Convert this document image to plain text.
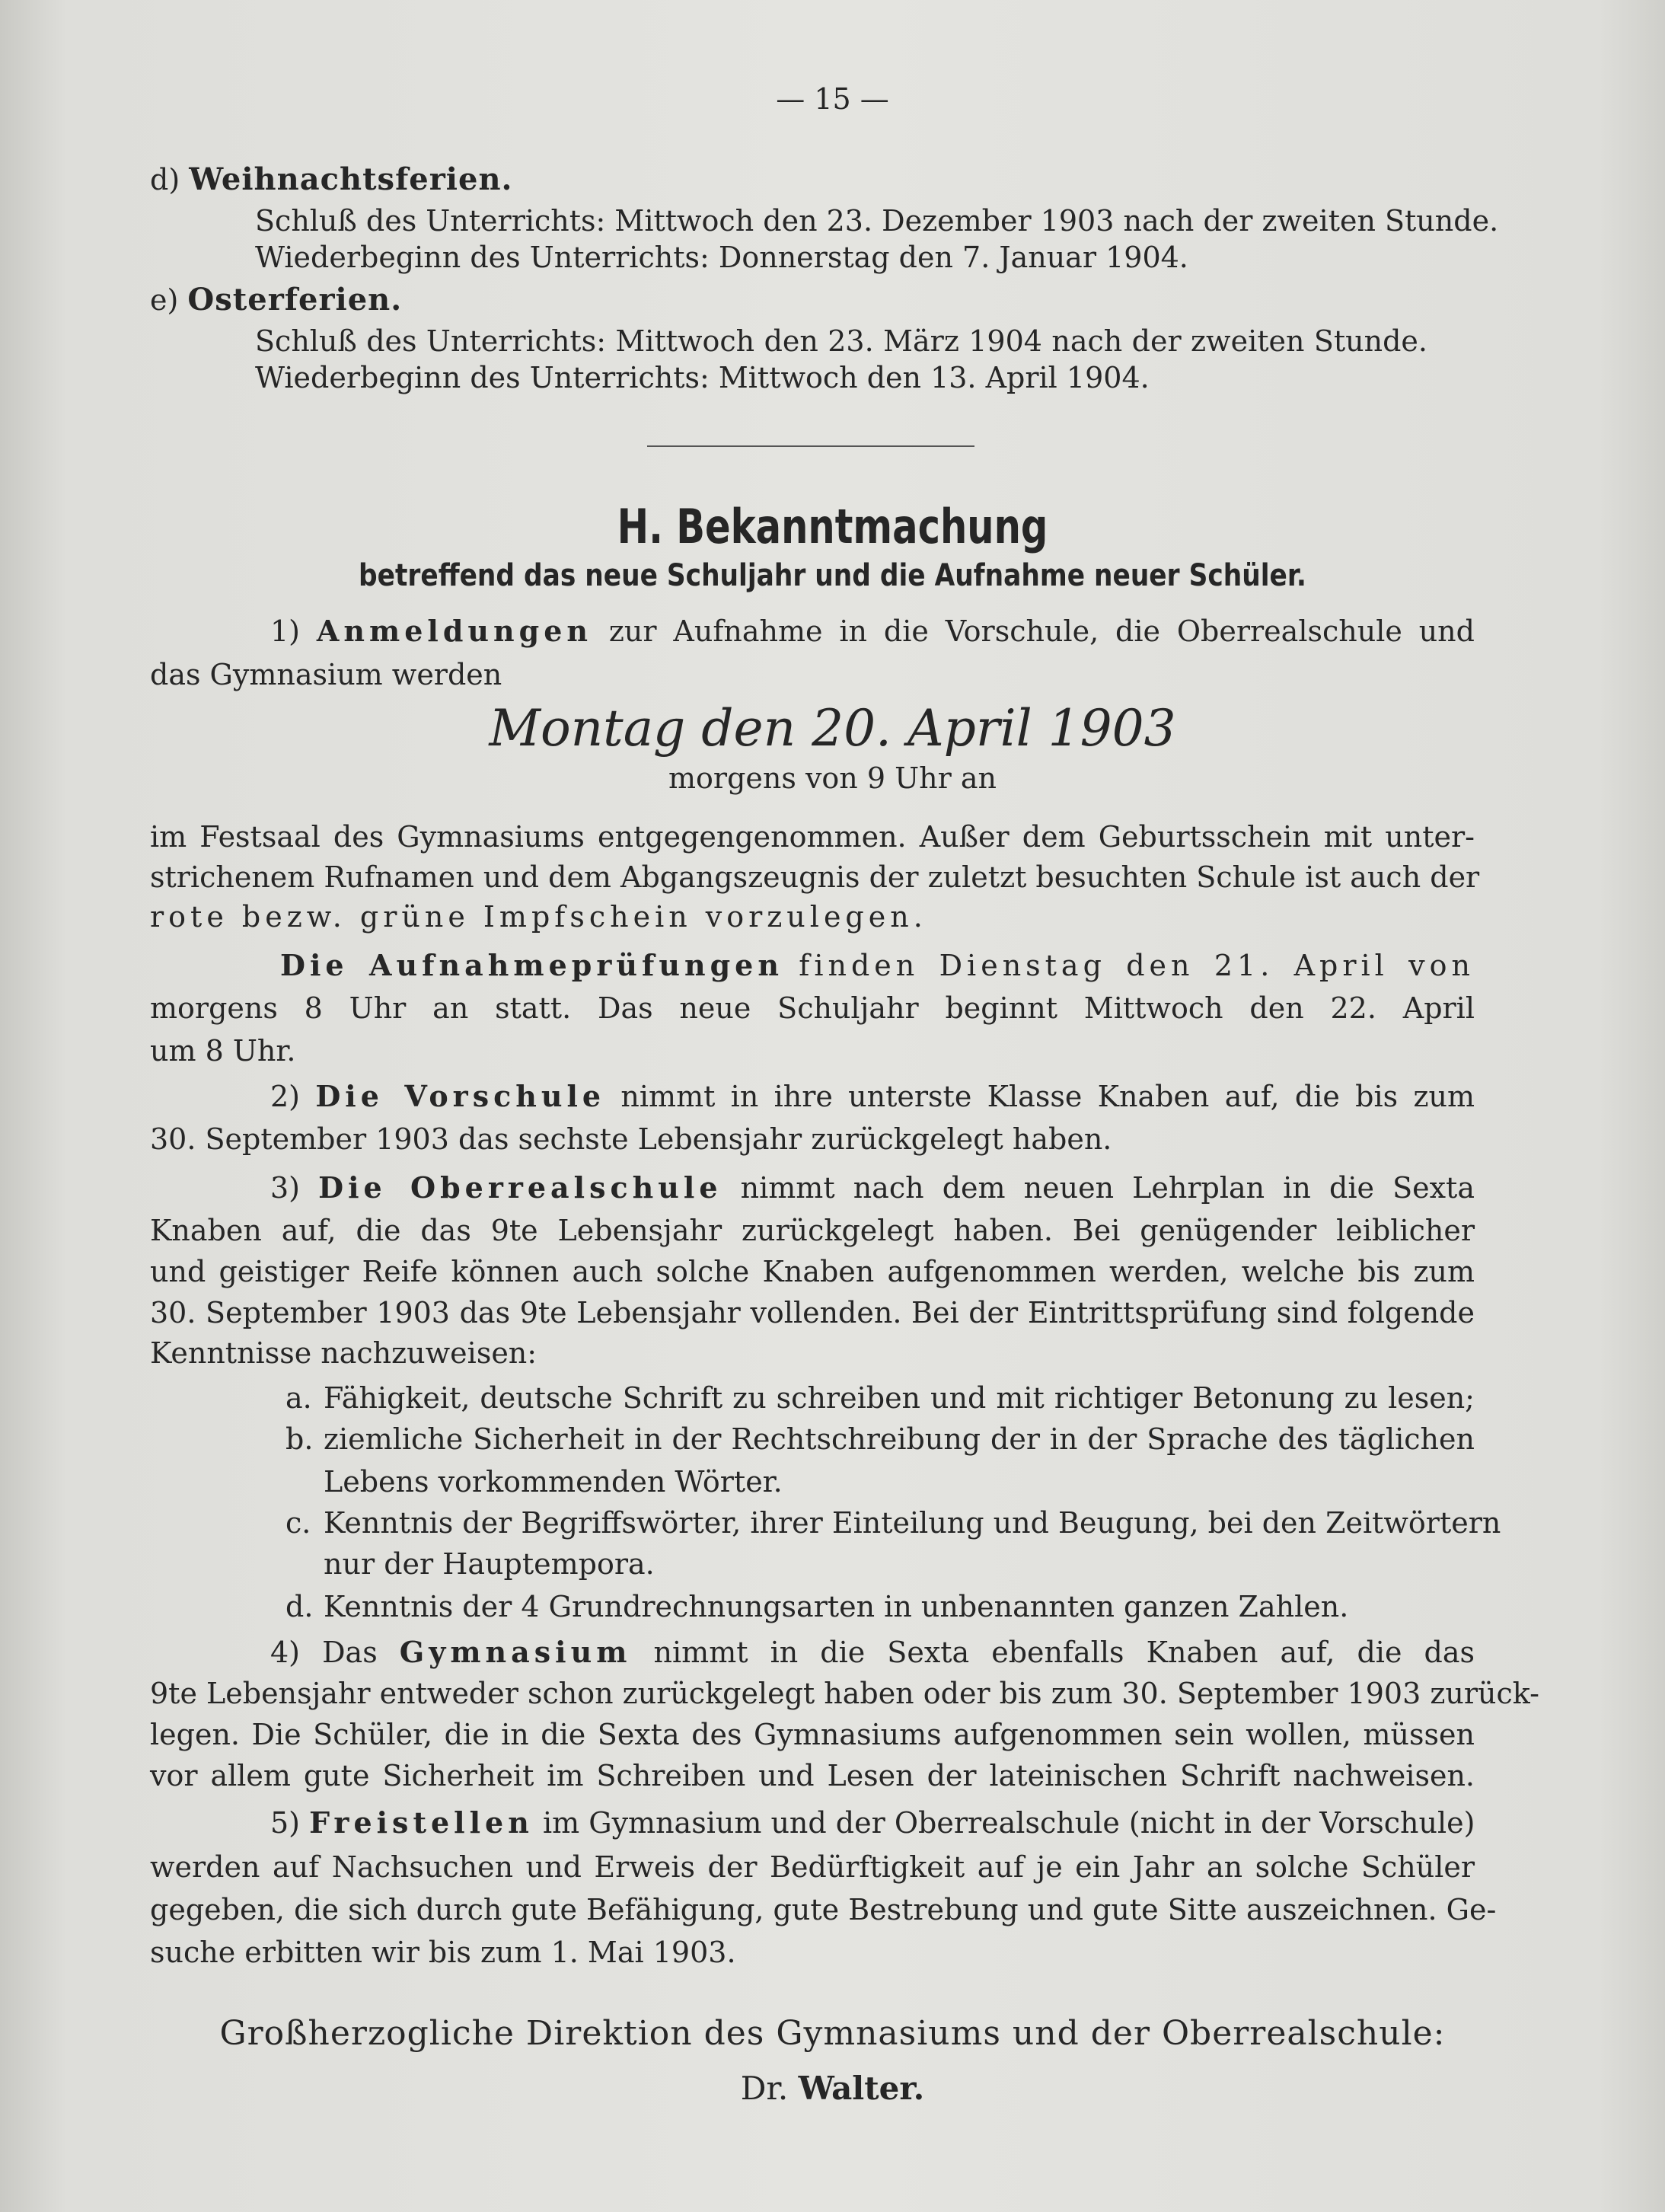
— 15 —
d) Weihnachtsferien.
Schluß des Unterrichts: Mittwoch den 23. Dezember 1903 nach der zweiten Stunde.
Wiederbeginn des Unterrichts: Donnerstag den 7. Januar 1904.
e) Osterferien.
Schluß des Unterrichts: Mittwoch den 23. März 1904 nach der zweiten Stunde.
Wiederbeginn des Unterrichts: Mittwoch den 13. April 1904.
H. Bekanntmachung
betreffend das neue Schuljahr und die Aufnahme neuer Schüler.
1) Anmeldungen zur Aufnahme in die Vorschule, die Oberrealschule und
das Gymnasium werden
Montag den 20. April 1903
morgens von 9 Uhr an
im Festsaal des Gymnasiums entgegengenommen. Außer dem Geburtsschein mit unter-
strichenem Rufnamen und dem Abgangszeugnis der zuletzt besuchten Schule ist auch der
rote bezw. grüne Impfschein vorzulegen.
Die Aufnahmeprüfungen finden Dienstag den 21. April von
morgens 8 Uhr an statt. Das neue Schuljahr beginnt Mittwoch den 22. April
um 8 Uhr.
2) Die Vorschule nimmt in ihre unterste Klasse Knaben auf, die bis zum
30. September 1903 das sechste Lebensjahr zurückgelegt haben.
3) Die Oberrealschule nimmt nach dem neuen Lehrplan in die Sexta
Knaben auf, die das 9te Lebensjahr zurückgelegt haben. Bei genügender leiblicher
und geistiger Reife können auch solche Knaben aufgenommen werden, welche bis zum
30. September 1903 das 9te Lebensjahr vollenden. Bei der Eintrittsprüfung sind folgende
Kenntnisse nachzuweisen:
a. Fähigkeit, deutsche Schrift zu schreiben und mit richtiger Betonung zu lesen;
b. ziemliche Sicherheit in der Rechtschreibung der in der Sprache des täglichen
Lebens vorkommenden Wörter.
c. Kenntnis der Begriffswörter, ihrer Einteilung und Beugung, bei den Zeitwörtern
nur der Hauptempora.
d. Kenntnis der 4 Grundrechnungsarten in unbenannten ganzen Zahlen.
4) Das Gymnasium nimmt in die Sexta ebenfalls Knaben auf, die das
9te Lebensjahr entweder schon zurückgelegt haben oder bis zum 30. September 1903 zurück-
legen. Die Schüler, die in die Sexta des Gymnasiums aufgenommen sein wollen, müssen
vor allem gute Sicherheit im Schreiben und Lesen der lateinischen Schrift nachweisen.
5) Freistellen im Gymnasium und der Oberrealschule (nicht in der Vorschule)
werden auf Nachsuchen und Erweis der Bedürftigkeit auf je ein Jahr an solche Schüler
gegeben, die sich durch gute Befähigung, gute Bestrebung und gute Sitte auszeichnen. Ge-
suche erbitten wir bis zum 1. Mai 1903.
Großherzogliche Direktion des Gymnasiums und der Oberrealschule:
Dr. Walter.
